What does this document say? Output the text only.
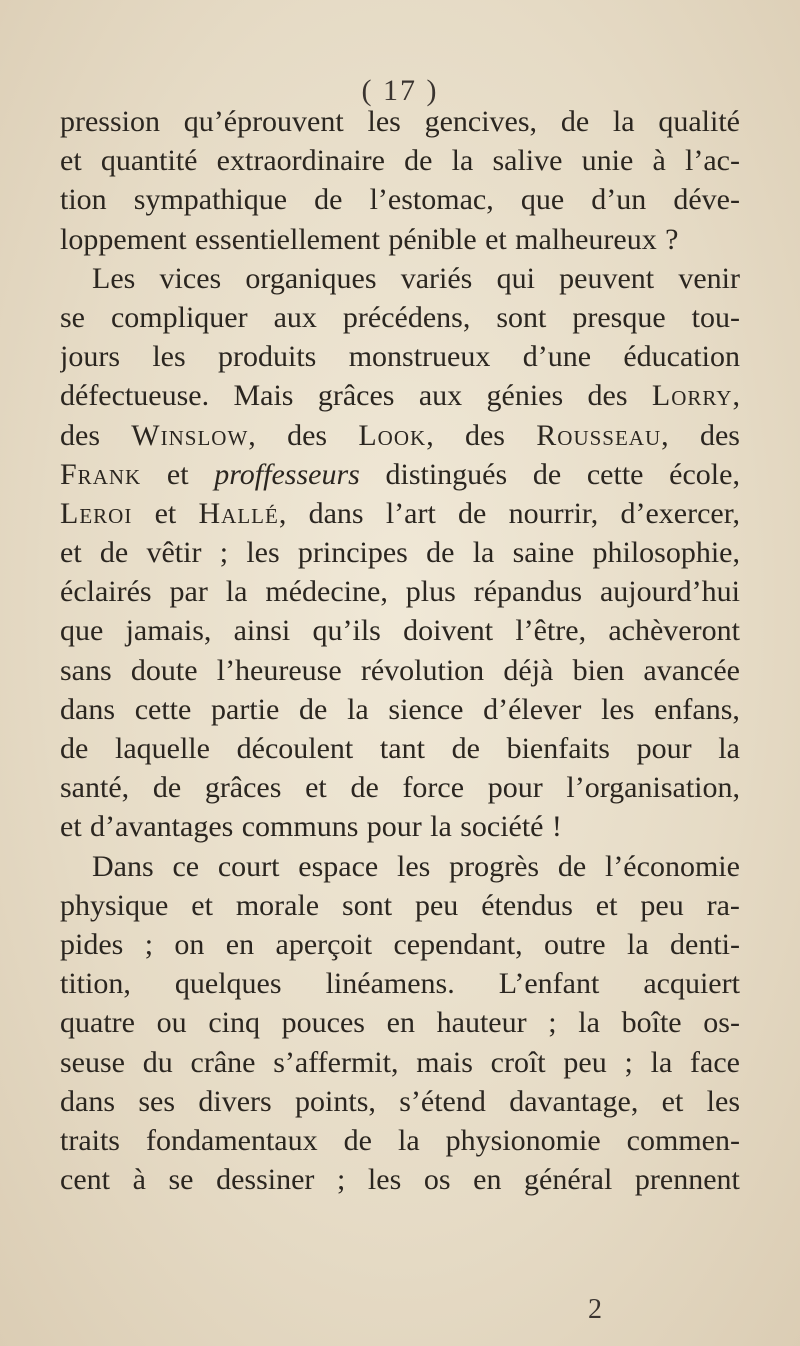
( 17 )
pression qu’éprouvent les gencives, de la qualité
et quantité extraordinaire de la salive unie à l’ac-
tion sympathique de l’estomac, que d’un déve-
loppement essentiellement pénible et malheureux ?
Les vices organiques variés qui peuvent venir
se compliquer aux précédens, sont presque tou-
jours les produits monstrueux d’une éducation
défectueuse. Mais grâces aux génies des Lorry,
des Winslow, des Look, des Rousseau, des
Frank et proffesseurs distingués de cette école,
Leroi et Hallé, dans l’art de nourrir, d’exercer,
et de vêtir ; les principes de la saine philosophie,
éclairés par la médecine, plus répandus aujourd’hui
que jamais, ainsi qu’ils doivent l’être, achèveront
sans doute l’heureuse révolution déjà bien avancée
dans cette partie de la sience d’élever les enfans,
de laquelle découlent tant de bienfaits pour la
santé, de grâces et de force pour l’organisation,
et d’avantages communs pour la société !
Dans ce court espace les progrès de l’économie
physique et morale sont peu étendus et peu ra-
pides ; on en aperçoit cependant, outre la denti-
tition, quelques linéamens. L’enfant acquiert
quatre ou cinq pouces en hauteur ; la boîte os-
seuse du crâne s’affermit, mais croît peu ; la face
dans ses divers points, s’étend davantage, et les
traits fondamentaux de la physionomie commen-
cent à se dessiner ; les os en général prennent
2
